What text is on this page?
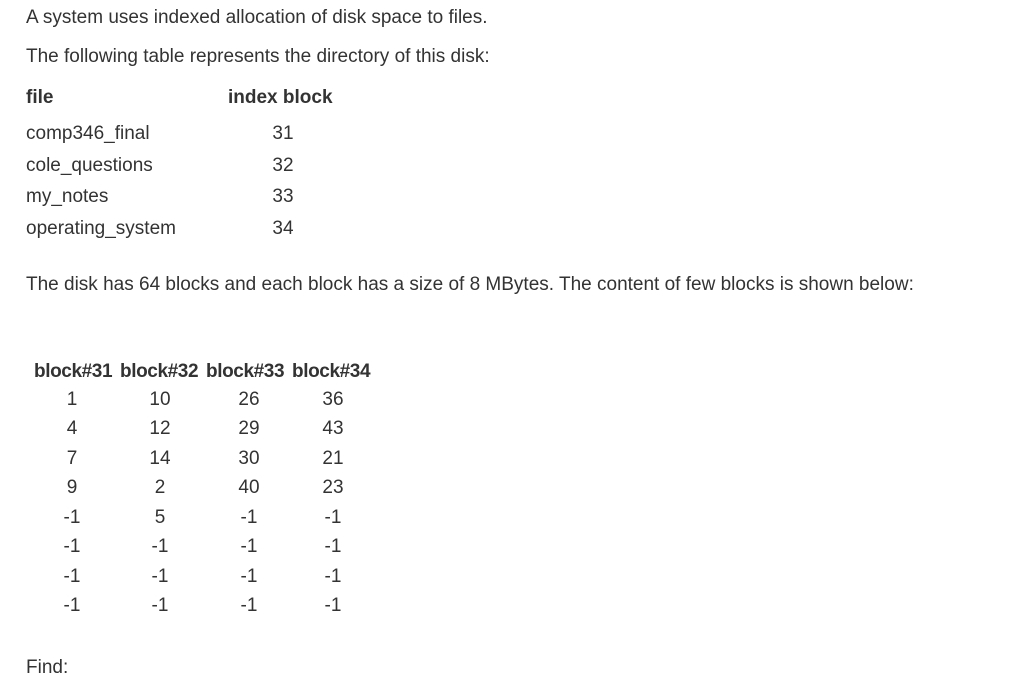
A system uses indexed allocation of disk space to files.
The following table represents the directory of this disk:
file	index block
comp346_final	31
cole_questions	32
my_notes	33
operating_system	34
The disk has 64 blocks and each block has a size of 8 MBytes. The content of few blocks is shown below:
block#31	block#32	block#33	block#34
1	10	26	36
4	12	29	43
7	14	30	21
9	2	40	23
-1	5	-1	-1
-1	-1	-1	-1
-1	-1	-1	-1
-1	-1	-1	-1
Find:
